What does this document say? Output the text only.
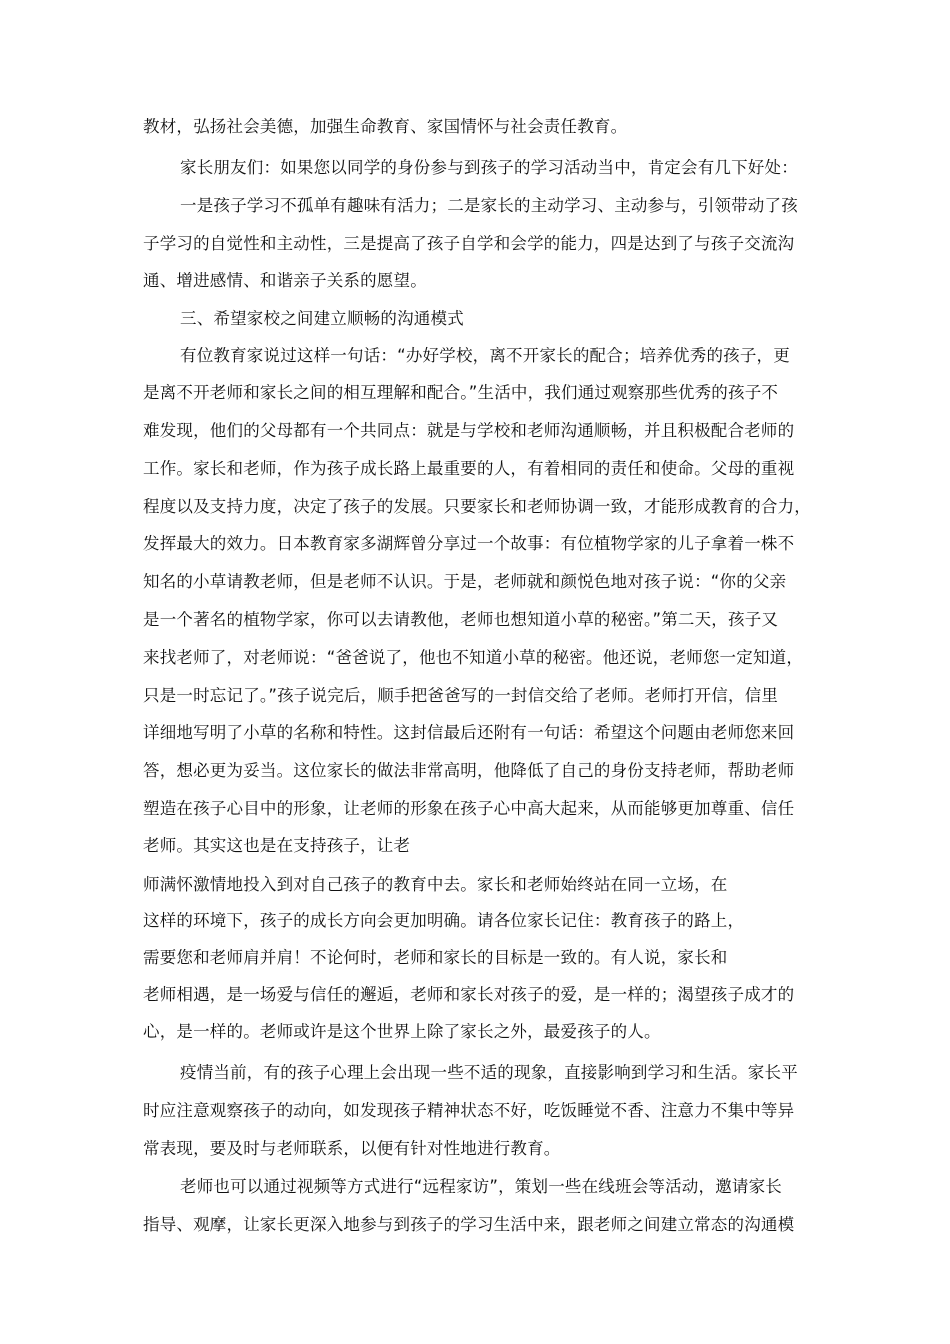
教材，弘扬社会美德，加强生命教育、家国情怀与社会责任教育。
家长朋友们：如果您以同学的身份参与到孩子的学习活动当中，肯定会有几下好处：
一是孩子学习不孤单有趣味有活力；二是家长的主动学习、主动参与，引领带动了孩
子学习的自觉性和主动性，三是提高了孩子自学和会学的能力，四是达到了与孩子交流沟
通、增进感情、和谐亲子关系的愿望。
三、希望家校之间建立顺畅的沟通模式
有位教育家说过这样一句话：“办好学校，离不开家长的配合；培养优秀的孩子，更
是离不开老师和家长之间的相互理解和配合。”生活中，我们通过观察那些优秀的孩子不
难发现，他们的父母都有一个共同点：就是与学校和老师沟通顺畅，并且积极配合老师的
工作。家长和老师，作为孩子成长路上最重要的人，有着相同的责任和使命。父母的重视
程度以及支持力度，决定了孩子的发展。只要家长和老师协调一致，才能形成教育的合力，
发挥最大的效力。日本教育家多湖辉曾分享过一个故事：有位植物学家的儿子拿着一株不
知名的小草请教老师，但是老师不认识。于是，老师就和颜悦色地对孩子说：“你的父亲
是一个著名的植物学家，你可以去请教他，老师也想知道小草的秘密。”第二天，孩子又
来找老师了，对老师说：“爸爸说了，他也不知道小草的秘密。他还说，老师您一定知道，
只是一时忘记了。”孩子说完后，顺手把爸爸写的一封信交给了老师。老师打开信，信里
详细地写明了小草的名称和特性。这封信最后还附有一句话：希望这个问题由老师您来回
答，想必更为妥当。这位家长的做法非常高明，他降低了自己的身份支持老师，帮助老师
塑造在孩子心目中的形象，让老师的形象在孩子心中高大起来，从而能够更加尊重、信任
老师。其实这也是在支持孩子，让老
师满怀激情地投入到对自己孩子的教育中去。家长和老师始终站在同一立场，在
这样的环境下，孩子的成长方向会更加明确。请各位家长记住：教育孩子的路上，
需要您和老师肩并肩！不论何时，老师和家长的目标是一致的。有人说，家长和
老师相遇，是一场爱与信任的邂逅，老师和家长对孩子的爱，是一样的；渴望孩子成才的
心，是一样的。老师或许是这个世界上除了家长之外，最爱孩子的人。
疫情当前，有的孩子心理上会出现一些不适的现象，直接影响到学习和生活。家长平
时应注意观察孩子的动向，如发现孩子精神状态不好，吃饭睡觉不香、注意力不集中等异
常表现，要及时与老师联系，以便有针对性地进行教育。
老师也可以通过视频等方式进行“远程家访”，策划一些在线班会等活动，邀请家长
指导、观摩，让家长更深入地参与到孩子的学习生活中来，跟老师之间建立常态的沟通模
